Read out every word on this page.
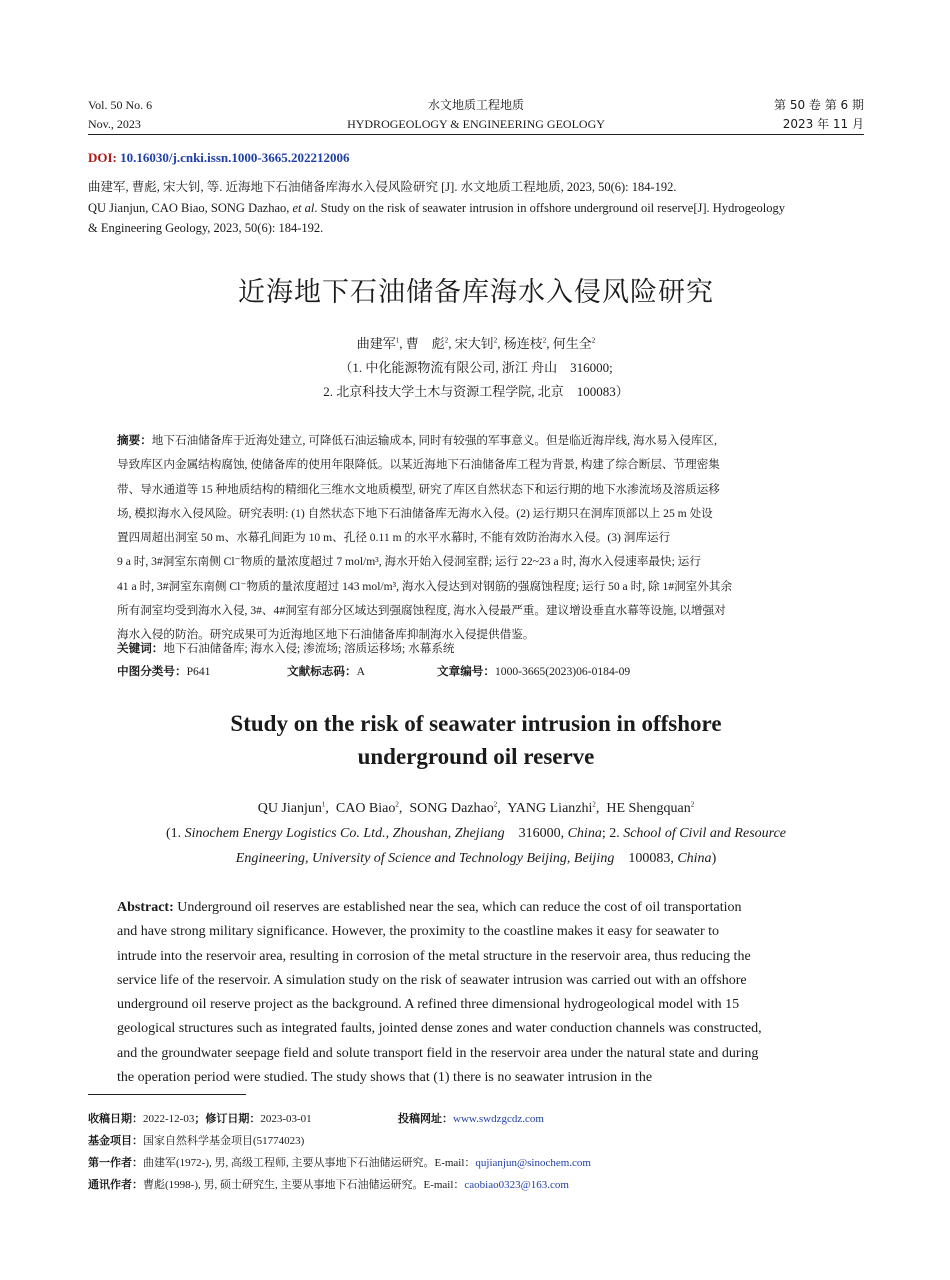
Vol. 50 No. 6
Nov., 2023
水文地质工程地质
HYDROGEOLOGY & ENGINEERING GEOLOGY
第 50 卷 第 6 期
2023 年 11 月
DOI: 10.16030/j.cnki.issn.1000-3665.202212006
曲建军, 曹彪, 宋大钊, 等. 近海地下石油储备库海水入侵风险研究 [J]. 水文地质工程地质, 2023, 50(6): 184-192.
QU Jianjun, CAO Biao, SONG Dazhao, et al. Study on the risk of seawater intrusion in offshore underground oil reserve[J]. Hydrogeology
& Engineering Geology, 2023, 50(6): 184-192.
近海地下石油储备库海水入侵风险研究
曲建军$^1$, 曹　彪$^2$, 宋大钊$^2$, 杨连枝$^2$, 何生全$^2$
（1. 中化能源物流有限公司, 浙江 舟山　316000;
2. 北京科技大学土木与资源工程学院, 北京　100083）
摘要：地下石油储备库于近海处建立, 可降低石油运输成本, 同时有较强的军事意义。但是临近海岸线, 海水易入侵库区,
导致库区内金属结构腐蚀, 使储备库的使用年限降低。以某近海地下石油储备库工程为背景, 构建了综合断层、节理密集
带、导水通道等 15 种地质结构的精细化三维水文地质模型, 研究了库区自然状态下和运行期的地下水渗流场及溶质运移
场, 模拟海水入侵风险。研究表明: (1) 自然状态下地下石油储备库无海水入侵。(2) 运行期只在洞库顶部以上 25 m 处设
置四周超出洞室 50 m、水幕孔间距为 10 m、孔径 0.11 m 的水平水幕时, 不能有效防治海水入侵。(3) 洞库运行
9 a 时, 3#洞室东南侧 Cl⁻物质的量浓度超过 7 mol/m³, 海水开始入侵洞室群; 运行 22~23 a 时, 海水入侵速率最快; 运行
41 a 时, 3#洞室东南侧 Cl⁻物质的量浓度超过 143 mol/m³, 海水入侵达到对钢筋的强腐蚀程度; 运行 50 a 时, 除 1#洞室外其余
所有洞室均受到海水入侵, 3#、4#洞室有部分区域达到强腐蚀程度, 海水入侵最严重。建议增设垂直水幕等设施, 以增强对
海水入侵的防治。研究成果可为近海地区地下石油储备库抑制海水入侵提供借鉴。
关键词：地下石油储备库; 海水入侵; 渗流场; 溶质运移场; 水幕系统
中图分类号：P641	文献标志码：A	文章编号：1000-3665(2023)06-0184-09
Study on the risk of seawater intrusion in offshore
underground oil reserve
QU Jianjun$^1$,  CAO Biao$^2$,  SONG Dazhao$^2$,  YANG Lianzhi$^2$,  HE Shengquan$^2$
(1. Sinochem Energy Logistics Co. Ltd., Zhoushan, Zhejiang　316000, China; 2. School of Civil and Resource
Engineering, University of Science and Technology Beijing, Beijing　100083, China)
Abstract: Underground oil reserves are established near the sea, which can reduce the cost of oil transportation
and have strong military significance. However, the proximity to the coastline makes it easy for seawater to
intrude into the reservoir area, resulting in corrosion of the metal structure in the reservoir area, thus reducing the
service life of the reservoir. A simulation study on the risk of seawater intrusion was carried out with an offshore
underground oil reserve project as the background. A refined three dimensional hydrogeological model with 15
geological structures such as integrated faults, jointed dense zones and water conduction channels was constructed,
and the groundwater seepage field and solute transport field in the reservoir area under the natural state and during
the operation period were studied. The study shows that (1) there is no seawater intrusion in the
收稿日期：2022-12-03；修订日期：2023-03-01	投稿网址：www.swdzgcdz.com
基金项目：国家自然科学基金项目(51774023)
第一作者：曲建军(1972-), 男, 高级工程师, 主要从事地下石油储运研究。E-mail：qujianjun@sinochem.com
通讯作者：曹彪(1998-), 男, 硕士研究生, 主要从事地下石油储运研究。E-mail：caobiao0323@163.com
